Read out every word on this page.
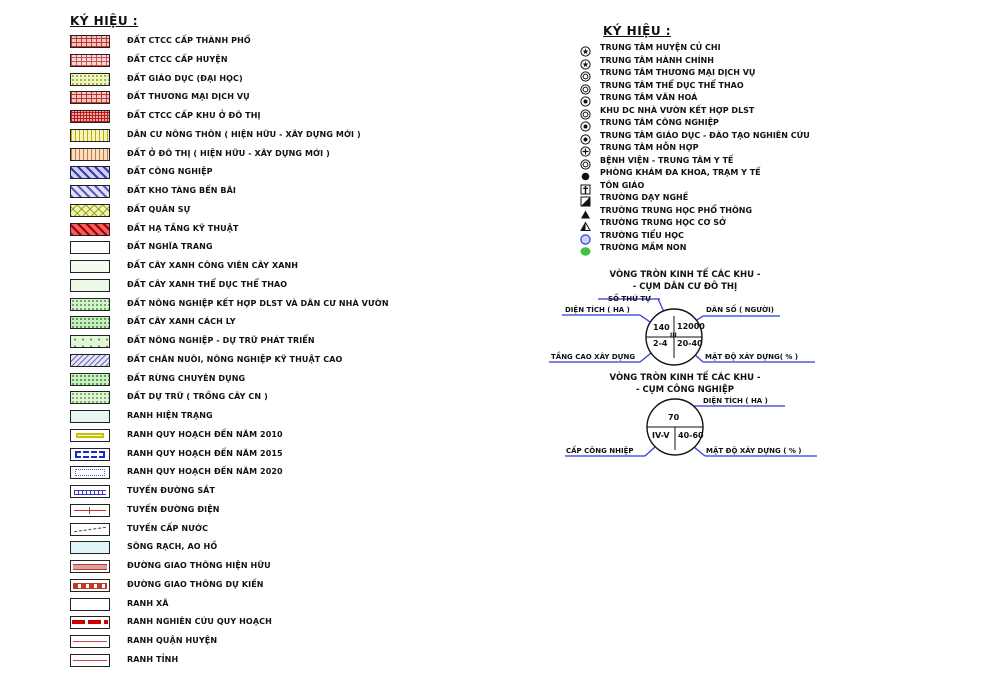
KÝ HIỆU :
ĐẤT CTCC CẤP THÀNH PHỐ
ĐẤT CTCC CẤP HUYỆN
ĐẤT GIÁO DỤC (ĐẠI HỌC)
ĐẤT THƯƠNG MẠI DỊCH VỤ
ĐẤT CTCC CẤP KHU Ở ĐÔ THỊ
DÂN CƯ NÔNG THÔN ( HIỆN HỮU - XÂY DỰNG MỚI )
ĐẤT Ở ĐÔ THỊ ( HIỆN HỮU - XÂY DỰNG MỚI )
ĐẤT CÔNG NGHIỆP
ĐẤT KHO TÀNG BẾN BÃI
ĐẤT QUÂN SỰ
ĐẤT HẠ TẦNG KỸ THUẬT
ĐẤT NGHĨA TRANG
ĐẤT CÂY XANH CÔNG VIÊN CÂY XANH
ĐẤT CÂY XANH THỂ DỤC THỂ THAO
ĐẤT NÔNG NGHIỆP KẾT HỢP DLST VÀ DÂN CƯ NHÀ VƯỜN
ĐẤT CÂY XANH CÁCH LY
ĐẤT NÔNG NGHIỆP - DỰ TRỮ PHÁT TRIỂN
ĐẤT CHĂN NUÔI, NÔNG NGHIỆP KỸ THUẬT CAO
ĐẤT RỪNG CHUYÊN DỤNG
ĐẤT DỰ TRỮ ( TRỒNG CÂY CN )
RANH HIỆN TRẠNG
RANH QUY HOẠCH ĐẾN NĂM 2010
RANH QUY HOẠCH ĐẾN NĂM 2015
RANH QUY HOẠCH ĐẾN NĂM 2020
TUYẾN ĐƯỜNG SẮT
TUYẾN ĐƯỜNG ĐIỆN
TUYẾN CẤP NƯỚC
SÔNG RẠCH, AO HỒ
ĐƯỜNG GIAO THÔNG HIỆN HỮU
ĐƯỜNG GIAO THÔNG DỰ KIẾN
RANH XÃ
RANH NGHIÊN CỨU QUY HOẠCH
RANH QUẬN HUYỆN
RANH TỈNH
KÝ HIỆU :
TRUNG TÂM HUYỆN CỦ CHI
TRUNG TÂM HÀNH CHÍNH
TRUNG TÂM THƯƠNG MẠI DỊCH VỤ
TRUNG TÂM THỂ DỤC THỂ THAO
TRUNG TÂM VĂN HOÁ
KHU DC NHÀ VƯỜN KẾT HỢP DLST
TRUNG TÂM CÔNG NGHIỆP
TRUNG TÂM GIÁO DỤC - ĐÀO TẠO NGHIÊN CỨU
TRUNG TÂM HỖN HỢP
BỆNH VIỆN - TRUNG TÂM Y TẾ
PHÒNG KHÁM ĐA KHOA, TRẠM Y TẾ
TÔN GIÁO
TRƯỜNG DẠY NGHỀ
TRƯỜNG TRUNG HỌC PHỔ THÔNG
TRƯỜNG TRUNG HỌC CƠ SỞ
TRƯỜNG TIỂU HỌC
TRƯỜNG MẦM NON
VÒNG TRÒN KINH TẾ CÁC KHU -
- CỤM DÂN CƯ ĐÔ THỊ
SỐ THỨ TỰ
DIỆN TÍCH ( HA )	DÂN SỐ ( NGƯỜI)
TẦNG CAO XÂY DỰNG	MẬT ĐỘ XÂY DỰNG( % )
140 12000
III
2-4 20-40
VÒNG TRÒN KINH TẾ CÁC KHU -
- CỤM CÔNG NGHIỆP
DIỆN TÍCH ( HA )
CẤP CÔNG NHIỆP	MẬT ĐỘ XÂY DỰNG ( % )
70
IV-V 40-60
